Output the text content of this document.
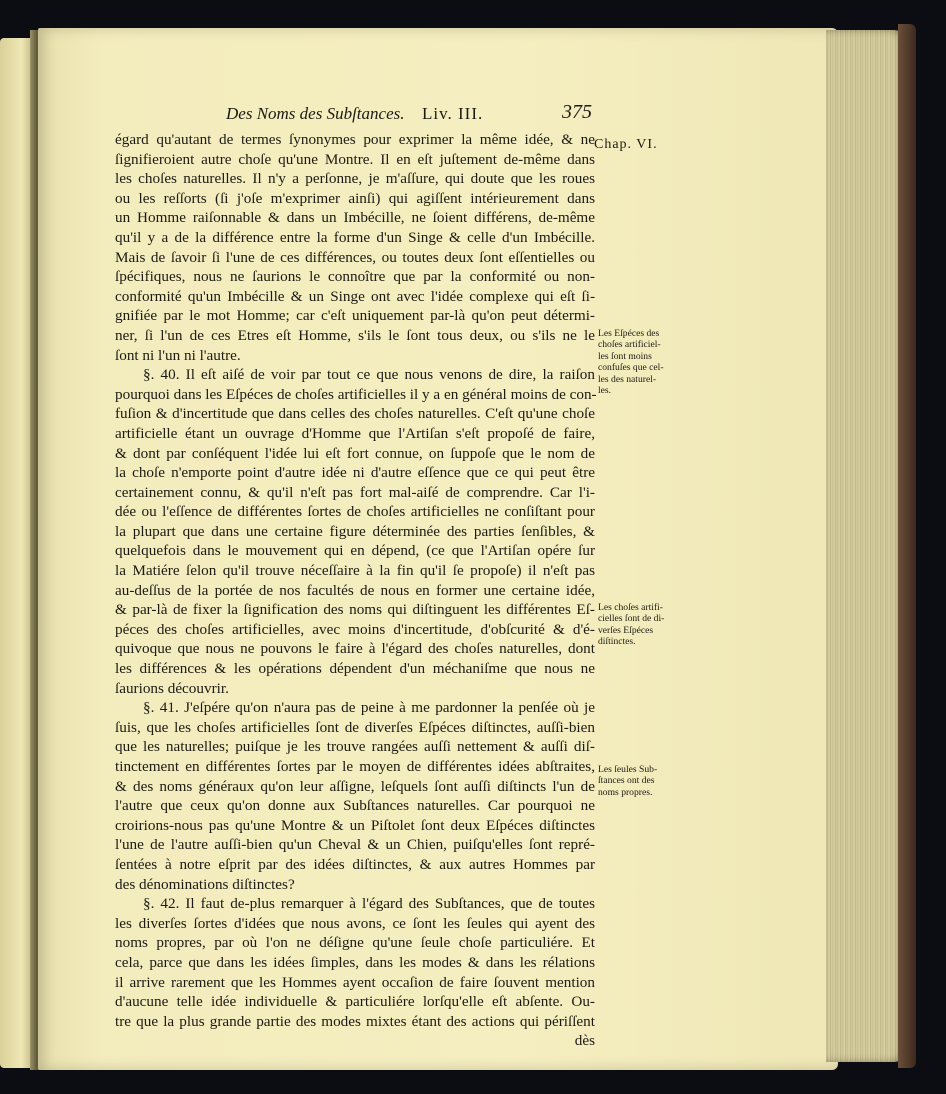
Des Noms des Subſtances. Liv. III.	375
Chap. VI.
égard qu'autant de termes ſynonymes pour exprimer la même idée, & ne
ſignifieroient autre choſe qu'une Montre. Il en eſt juſtement de-même dans
les choſes naturelles. Il n'y a perſonne, je m'aſſure, qui doute que les roues
ou les reſſorts (ſi j'oſe m'exprimer ainſi) qui agiſſent intérieurement dans
un Homme raiſonnable & dans un Imbécille, ne ſoient différens, de-même
qu'il y a de la différence entre la forme d'un Singe & celle d'un Imbécille.
Mais de ſavoir ſi l'une de ces différences, ou toutes deux ſont eſſentielles ou
ſpécifiques, nous ne ſaurions le connoître que par la conformité ou non-
conformité qu'un Imbécille & un Singe ont avec l'idée complexe qui eſt ſi-
gnifiée par le mot Homme; car c'eſt uniquement par-là qu'on peut détermi-
ner, ſi l'un de ces Etres eſt Homme, s'ils le ſont tous deux, ou s'ils ne le
ſont ni l'un ni l'autre.
§. 40. Il eſt aiſé de voir par tout ce que nous venons de dire, la raiſon
pourquoi dans les Eſpéces de choſes artificielles il y a en général moins de con-
fuſion & d'incertitude que dans celles des choſes naturelles. C'eſt qu'une choſe
artificielle étant un ouvrage d'Homme que l'Artiſan s'eſt propoſé de faire,
& dont par conſéquent l'idée lui eſt fort connue, on ſuppoſe que le nom de
la choſe n'emporte point d'autre idée ni d'autre eſſence que ce qui peut être
certainement connu, & qu'il n'eſt pas fort mal-aiſé de comprendre. Car l'i-
dée ou l'eſſence de différentes ſortes de choſes artificielles ne conſiſtant pour
la plupart que dans une certaine figure déterminée des parties ſenſibles, &
quelquefois dans le mouvement qui en dépend, (ce que l'Artiſan opére ſur
la Matiére ſelon qu'il trouve néceſſaire à la fin qu'il ſe propoſe) il n'eſt pas
au-deſſus de la portée de nos facultés de nous en former une certaine idée,
& par-là de fixer la ſignification des noms qui diſtinguent les différentes Eſ-
péces des choſes artificielles, avec moins d'incertitude, d'obſcurité & d'é-
quivoque que nous ne pouvons le faire à l'égard des choſes naturelles, dont
les différences & les opérations dépendent d'un méchaniſme que nous ne
ſaurions découvrir.
§. 41. J'eſpére qu'on n'aura pas de peine à me pardonner la penſée où je
ſuis, que les choſes artificielles ſont de diverſes Eſpéces diſtinctes, auſſi-bien
que les naturelles; puiſque je les trouve rangées auſſi nettement & auſſi diſ-
tinctement en différentes ſortes par le moyen de différentes idées abſtraites,
& des noms généraux qu'on leur aſſigne, leſquels ſont auſſi diſtincts l'un de
l'autre que ceux qu'on donne aux Subſtances naturelles. Car pourquoi ne
croirions-nous pas qu'une Montre & un Piſtolet ſont deux Eſpéces diſtinctes
l'une de l'autre auſſi-bien qu'un Cheval & un Chien, puiſqu'elles ſont repré-
ſentées à notre eſprit par des idées diſtinctes, & aux autres Hommes par
des dénominations diſtinctes?
§. 42. Il faut de-plus remarquer à l'égard des Subſtances, que de toutes
les diverſes ſortes d'idées que nous avons, ce ſont les ſeules qui ayent des
noms propres, par où l'on ne déſigne qu'une ſeule choſe particuliére. Et
cela, parce que dans les idées ſimples, dans les modes & dans les rélations
il arrive rarement que les Hommes ayent occaſion de faire ſouvent mention
d'aucune telle idée individuelle & particuliére lorſqu'elle eſt abſente. Ou-
tre que la plus grande partie des modes mixtes étant des actions qui périſſent
dès
Les Eſpéces des
choſes artificiel-
les ſont moins
confuſes que cel-
les des naturel-
les.
Les choſes artifi-
cielles ſont de di-
verſes Eſpéces
diſtinctes.
Les ſeules Sub-
ſtances ont des
noms propres.
